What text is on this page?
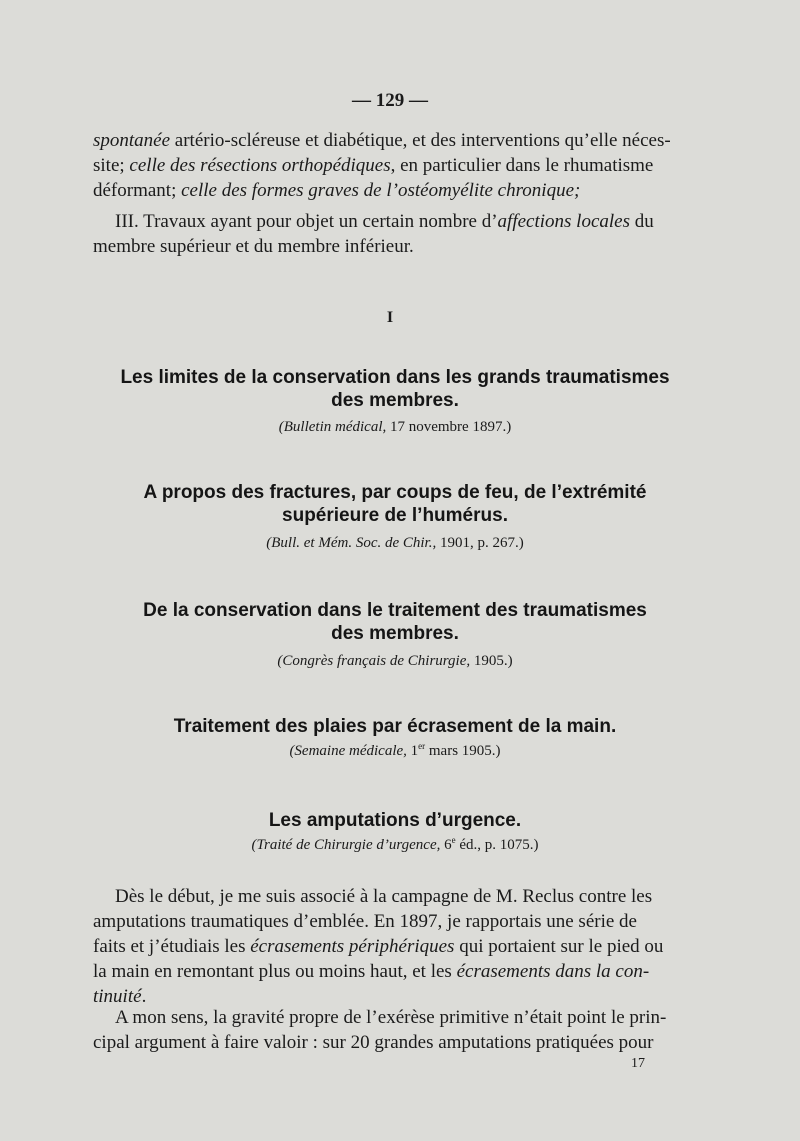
— 129 —
spontanée artério-scléreuse et diabétique, et des interventions qu’elle néces-
site; celle des résections orthopédiques, en particulier dans le rhumatisme
déformant; celle des formes graves de l’ostéomyélite chronique;
III. Travaux ayant pour objet un certain nombre d’affections locales du
membre supérieur et du membre inférieur.
I

Les limites de la conservation dans les grands traumatismes
des membres.

(Bulletin médical, 17 novembre 1897.)

A propos des fractures, par coups de feu, de l’extrémité
supérieure de l’humérus.

(Bull. et Mém. Soc. de Chir., 1901, p. 267.)

De la conservation dans le traitement des traumatismes
des membres.

(Congrès français de Chirurgie, 1905.)

Traitement des plaies par écrasement de la main.

(Semaine médicale, 1er mars 1905.)

Les amputations d’urgence.

(Traité de Chirurgie d’urgence, 6e éd., p. 1075.)

Dès le début, je me suis associé à la campagne de M. Reclus contre les
amputations traumatiques d’emblée. En 1897, je rapportais une série de
faits et j’étudiais les écrasements périphériques qui portaient sur le pied ou
la main en remontant plus ou moins haut, et les écrasements dans la con-
tinuité.
A mon sens, la gravité propre de l’exérèse primitive n’était point le prin-
cipal argument à faire valoir : sur 20 grandes amputations pratiquées pour
17
